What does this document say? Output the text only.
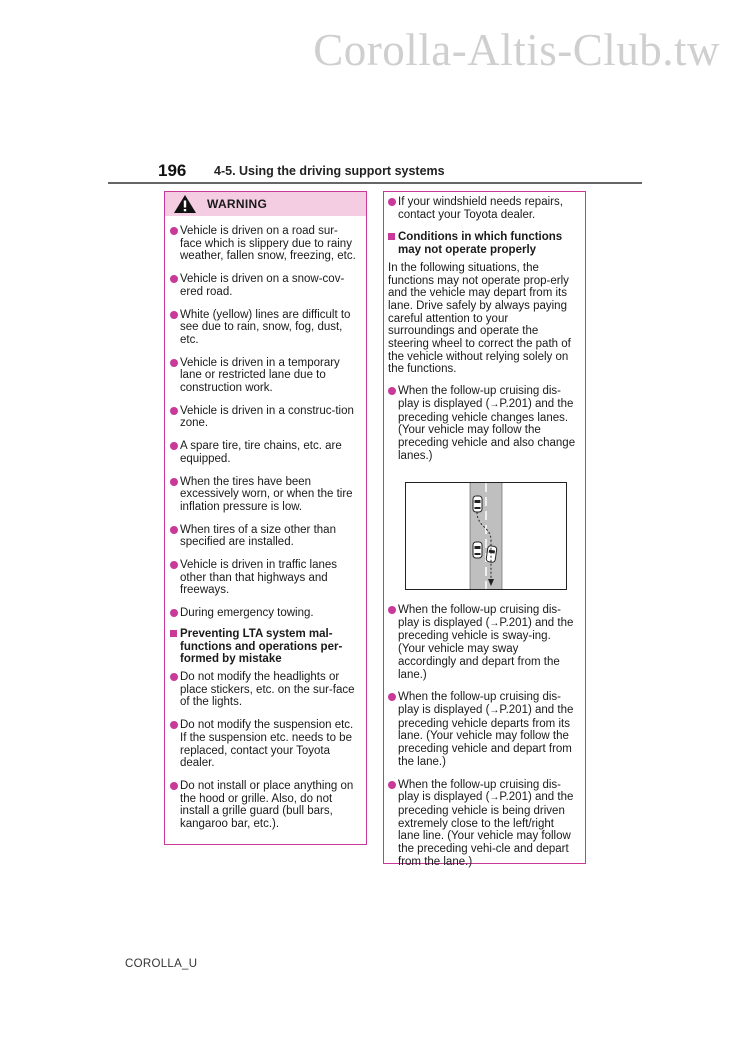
Corolla-Altis-Club.tw
196 4-5. Using the driving support systems
WARNING
Vehicle is driven on a road sur-face which is slippery due to rainy weather, fallen snow, freezing, etc.
Vehicle is driven on a snow-cov-ered road.
White (yellow) lines are difficult to see due to rain, snow, fog, dust, etc.
Vehicle is driven in a temporary lane or restricted lane due to construction work.
Vehicle is driven in a construc-tion zone.
A spare tire, tire chains, etc. are equipped.
When the tires have been excessively worn, or when the tire inflation pressure is low.
When tires of a size other than specified are installed.
Vehicle is driven in traffic lanes other than that highways and freeways.
During emergency towing.
Preventing LTA system mal-functions and operations per-formed by mistake
Do not modify the headlights or place stickers, etc. on the sur-face of the lights.
Do not modify the suspension etc. If the suspension etc. needs to be replaced, contact your Toyota dealer.
Do not install or place anything on the hood or grille. Also, do not install a grille guard (bull bars, kangaroo bar, etc.).
If your windshield needs repairs, contact your Toyota dealer.
Conditions in which functions may not operate properly
In the following situations, the functions may not operate prop-erly and the vehicle may depart from its lane. Drive safely by always paying careful attention to your surroundings and operate the steering wheel to correct the path of the vehicle without relying solely on the functions.
When the follow-up cruising dis-play is displayed (→P.201) and the preceding vehicle changes lanes. (Your vehicle may follow the preceding vehicle and also change lanes.)
When the follow-up cruising dis-play is displayed (→P.201) and the preceding vehicle is sway-ing. (Your vehicle may sway accordingly and depart from the lane.)
When the follow-up cruising dis-play is displayed (→P.201) and the preceding vehicle departs from its lane. (Your vehicle may follow the preceding vehicle and depart from the lane.)
When the follow-up cruising dis-play is displayed (→P.201) and the preceding vehicle is being driven extremely close to the left/right lane line. (Your vehicle may follow the preceding vehi-cle and depart from the lane.)
COROLLA_U
